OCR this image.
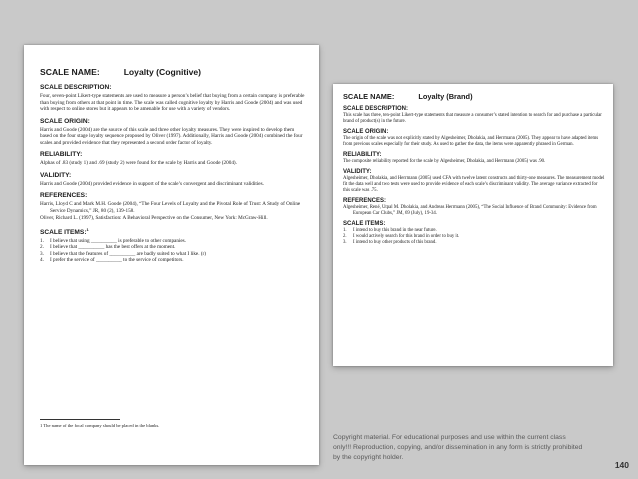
SCALE NAME:	Loyalty (Cognitive)
SCALE DESCRIPTION:

Four, seven-point Likert-type statements are used to measure a person’s belief that buying from a certain company is preferable than buying from others at that point in time. The scale was called cognitive loyalty by Harris and Goode (2004) and was used with respect to online stores but it appears to be amenable for use with a variety of vendors.

SCALE ORIGIN:

Harris and Goode (2004) are the source of this scale and three other loyalty measures. They were inspired to develop them based on the four stage loyalty sequence proposed by Oliver (1997). Additionally, Harris and Goode (2004) combined the four scales and provided evidence that they represented a second order factor of loyalty.

RELIABILITY:

Alphas of .83 (study 1) and .69 (study 2) were found for the scale by Harris and Goode (2004).

VALIDITY:

Harris and Goode (2004) provided evidence in support of the scale’s convergent and discriminant validities.

REFERENCES:

Harris, Lloyd C and Mark M.H. Goode (2004), “The Four Levels of Loyalty and the Pivotal Role of Trust: A Study of Online Service Dynamics,” JR, 80 (2), 139-158.

Oliver, Richard L. (1997), Satisfaction: A Behavioral Perspective on the Consumer, New York: McGraw-Hill.

SCALE ITEMS:$^1$
1. I believe that using __________ is preferable to other companies.
2. I believe that __________ has the best offers at the moment.
3. I believe that the features of __________ are badly suited to what I like. (r)
4. I prefer the service of __________ to the service of competitors.
1 The name of the focal company should be placed in the blanks.
SCALE NAME:	Loyalty (Brand)
SCALE DESCRIPTION:

This scale has three, ten-point Likert-type statements that measure a consumer’s stated intention to search for and purchase a particular brand of product(s) in the future.

SCALE ORIGIN:

The origin of the scale was not explicitly stated by Algesheimer, Dholakia, and Herrmann (2005). They appear to have adapted items from previous scales especially for their study. As used to gather the data, the items were apparently phrased in German.

RELIABILITY:

The composite reliability reported for the scale by Algesheimer, Dholakia, and Herrmann (2005) was .90.

VALIDITY:

Algesheimer, Dholakia, and Herrmann (2005) used CFA with twelve latent constructs and thirty-one measures. The measurement model fit the data well and two tests were used to provide evidence of each scale’s discriminant validity. The average variance extracted for this scale was .75.

REFERENCES:

Algesheimer, René, Utpal M. Dholakia, and Andreas Herrmann (2005), “The Social Influence of Brand Community: Evidence from European Car Clubs,” JM, 69 (July), 19-34.

SCALE ITEMS:
1. I intend to buy this brand in the near future.
2. I would actively search for this brand in order to buy it.
3. I intend to buy other products of this brand.
Copyright material. For educational purposes and use within the current class only!!! Reproduction, copying, and/or dissemination in any form is strictly prohibited by the copyright holder.
140
